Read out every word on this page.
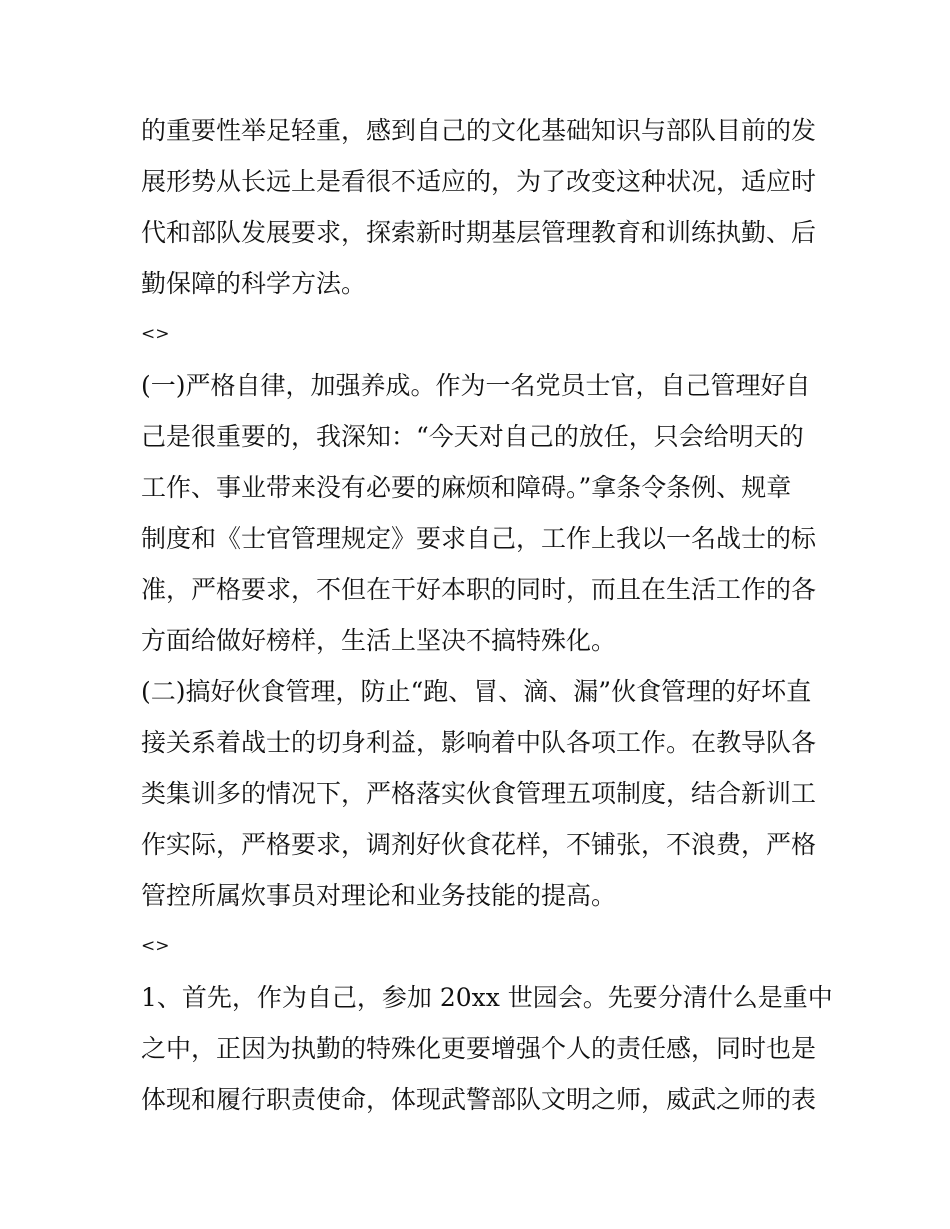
的重要性举足轻重，感到自己的文化基础知识与部队目前的发
展形势从长远上是看很不适应的，为了改变这种状况，适应时
代和部队发展要求，探索新时期基层管理教育和训练执勤、后
勤保障的科学方法。
<>
(一)严格自律，加强养成。作为一名党员士官，自己管理好自
己是很重要的，我深知：“今天对自己的放任，只会给明天的
工作、事业带来没有必要的麻烦和障碍。”拿条令条例、规章
制度和《士官管理规定》要求自己，工作上我以一名战士的标
准，严格要求，不但在干好本职的同时，而且在生活工作的各
方面给做好榜样，生活上坚决不搞特殊化。
(二)搞好伙食管理，防止“跑、冒、滴、漏”伙食管理的好坏直
接关系着战士的切身利益，影响着中队各项工作。在教导队各
类集训多的情况下，严格落实伙食管理五项制度，结合新训工
作实际，严格要求，调剂好伙食花样，不铺张，不浪费，严格
管控所属炊事员对理论和业务技能的提高。
<>
1、首先，作为自己，参加 20xx 世园会。先要分清什么是重中
之中，正因为执勤的特殊化更要增强个人的责任感，同时也是
体现和履行职责使命，体现武警部队文明之师，威武之师的表
